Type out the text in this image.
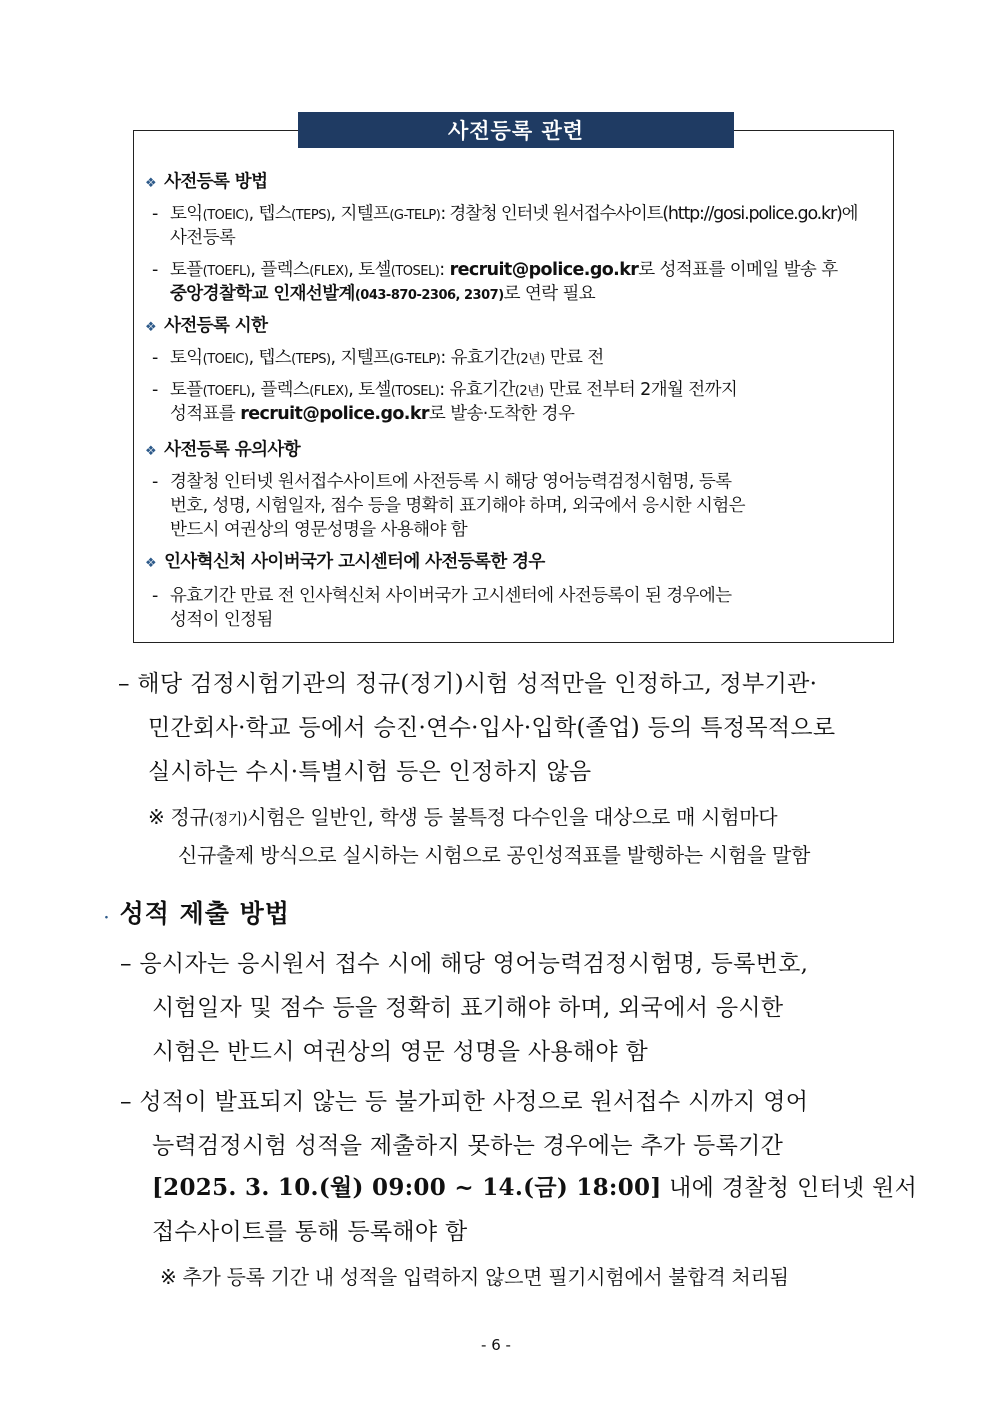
사전등록 관련
❖ 사전등록 방법
- 토익(TOEIC), 텝스(TEPS), 지텔프(G-TELP): 경찰청 인터넷 원서접수사이트(http://gosi.police.go.kr)에
사전등록
- 토플(TOEFL), 플렉스(FLEX), 토셀(TOSEL): recruit@police.go.kr로 성적표를 이메일 발송 후
중앙경찰학교 인재선발계(043-870-2306, 2307)로 연락 필요
❖ 사전등록 시한
- 토익(TOEIC), 텝스(TEPS), 지텔프(G-TELP): 유효기간(2년) 만료 전
- 토플(TOEFL), 플렉스(FLEX), 토셀(TOSEL): 유효기간(2년) 만료 전부터 2개월 전까지
성적표를 recruit@police.go.kr로 발송·도착한 경우
❖ 사전등록 유의사항
- 경찰청 인터넷 원서접수사이트에 사전등록 시 해당 영어능력검정시험명, 등록
번호, 성명, 시험일자, 점수 등을 명확히 표기해야 하며, 외국에서 응시한 시험은
반드시 여권상의 영문성명을 사용해야 함
❖ 인사혁신처 사이버국가 고시센터에 사전등록한 경우
- 유효기간 만료 전 인사혁신처 사이버국가 고시센터에 사전등록이 된 경우에는
성적이 인정됨
– 해당 검정시험기관의 정규(정기)시험 성적만을 인정하고, 정부기관·
민간회사·학교 등에서 승진·연수·입사·입학(졸업) 등의 특정목적으로
실시하는 수시·특별시험 등은 인정하지 않음
※ 정규(정기)시험은 일반인, 학생 등 불특정 다수인을 대상으로 매 시험마다
신규출제 방식으로 실시하는 시험으로 공인성적표를 발행하는 시험을 말함
· 성적 제출 방법
– 응시자는 응시원서 접수 시에 해당 영어능력검정시험명, 등록번호,
시험일자 및 점수 등을 정확히 표기해야 하며, 외국에서 응시한
시험은 반드시 여권상의 영문 성명을 사용해야 함
– 성적이 발표되지 않는 등 불가피한 사정으로 원서접수 시까지 영어
능력검정시험 성적을 제출하지 못하는 경우에는 추가 등록기간
[2025. 3. 10.(월) 09:00 ~ 14.(금) 18:00] 내에 경찰청 인터넷 원서
접수사이트를 통해 등록해야 함
※ 추가 등록 기간 내 성적을 입력하지 않으면 필기시험에서 불합격 처리됨
- 6 -
